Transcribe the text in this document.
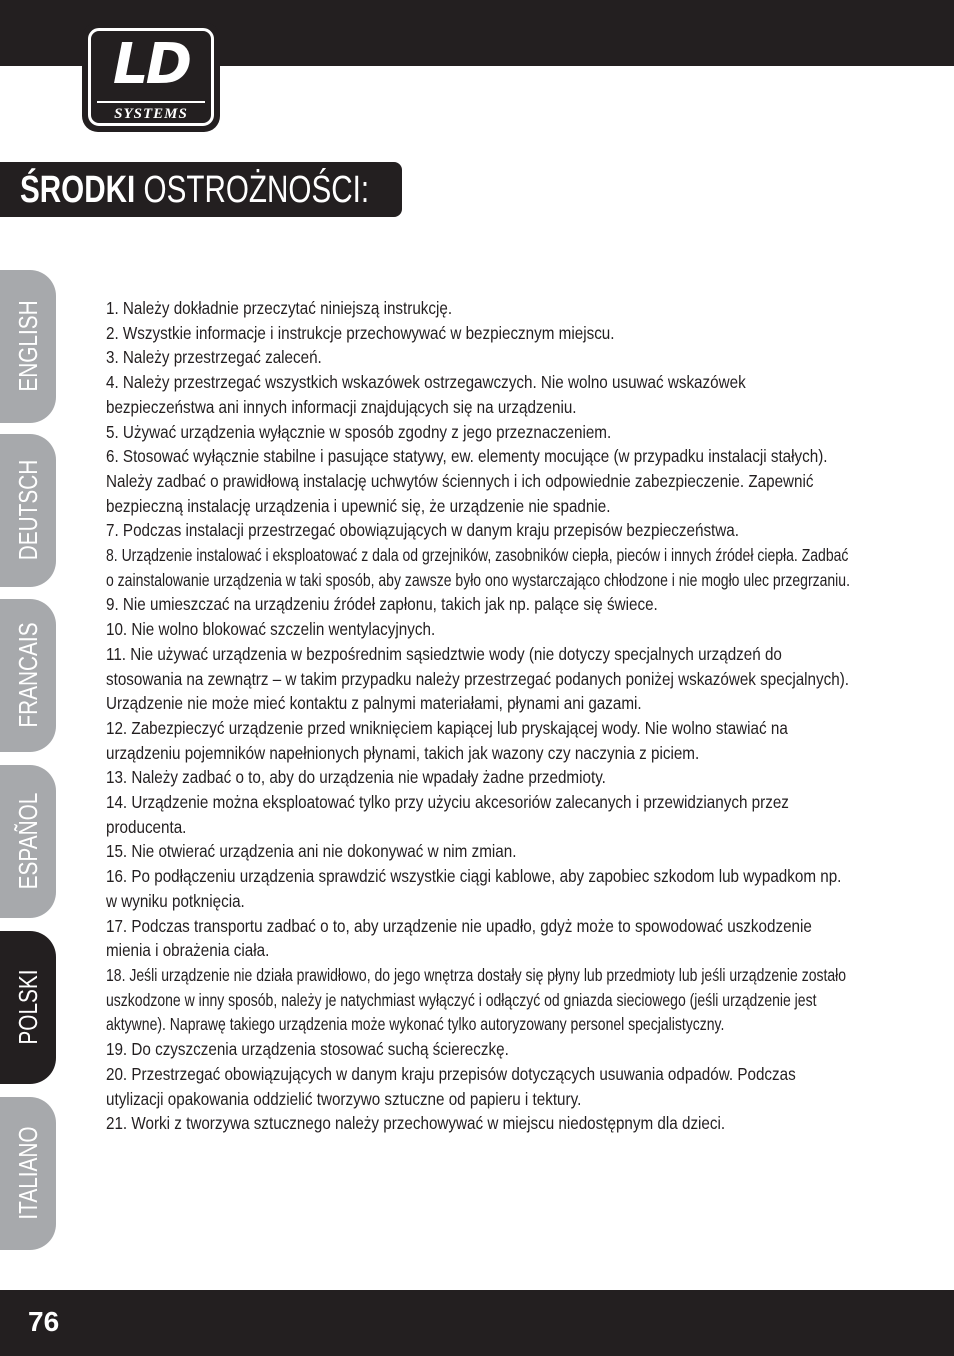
LD
SYSTEMS
ŚRODKI OSTROŻNOŚCI:
ENGLISH
DEUTSCH
FRANCAIS
ESPAÑOL
POLSKI
ITALIANO

1. Należy dokładnie przeczytać niniejszą instrukcję.

2. Wszystkie informacje i instrukcje przechowywać w bezpiecznym miejscu.

3. Należy przestrzegać zaleceń.

4. Należy przestrzegać wszystkich wskazówek ostrzegawczych. Nie wolno usuwać wskazówek bezpieczeństwa ani innych informacji znajdujących się na urządzeniu.

5. Używać urządzenia wyłącznie w sposób zgodny z jego przeznaczeniem.

6. Stosować wyłącznie stabilne i pasujące statywy, ew. elementy mocujące (w przypadku instalacji stałych). Należy zadbać o prawidłową instalację uchwytów ściennych i ich odpowiednie zabezpieczenie. Zapewnić bezpieczną instalację urządzenia i upewnić się, że urządzenie nie spadnie.

7. Podczas instalacji przestrzegać obowiązujących w danym kraju przepisów bezpieczeństwa.

8. Urządzenie instalować i eksploatować z dala od grzejników, zasobników ciepła, pieców i innych źródeł ciepła. Zadbać o zainstalowanie urządzenia w taki sposób, aby zawsze było ono wystarczająco chłodzone i nie mogło ulec przegrzaniu.

9. Nie umieszczać na urządzeniu źródeł zapłonu, takich jak np. palące się świece.

10. Nie wolno blokować szczelin wentylacyjnych.

11. Nie używać urządzenia w bezpośrednim sąsiedztwie wody (nie dotyczy specjalnych urządzeń do stosowania na zewnątrz – w takim przypadku należy przestrzegać podanych poniżej wskazówek specjalnych). Urządzenie nie może mieć kontaktu z palnymi materiałami, płynami ani gazami.

12. Zabezpieczyć urządzenie przed wniknięciem kapiącej lub pryskającej wody. Nie wolno stawiać na urządzeniu pojemników napełnionych płynami, takich jak wazony czy naczynia z piciem.

13. Należy zadbać o to, aby do urządzenia nie wpadały żadne przedmioty.

14. Urządzenie można eksploatować tylko przy użyciu akcesoriów zalecanych i przewidzianych przez producenta.

15. Nie otwierać urządzenia ani nie dokonywać w nim zmian.

16. Po podłączeniu urządzenia sprawdzić wszystkie ciągi kablowe, aby zapobiec szkodom lub wypadkom np. w wyniku potknięcia.

17. Podczas transportu zadbać o to, aby urządzenie nie upadło, gdyż może to spowodować uszkodzenie mienia i obrażenia ciała.

18. Jeśli urządzenie nie działa prawidłowo, do jego wnętrza dostały się płyny lub przedmioty lub jeśli urządzenie zostało uszkodzone w inny sposób, należy je natychmiast wyłączyć i odłączyć od gniazda sieciowego (jeśli urządzenie jest aktywne). Naprawę takiego urządzenia może wykonać tylko autoryzowany personel specjalistyczny.

19. Do czyszczenia urządzenia stosować suchą ściereczkę.

20. Przestrzegać obowiązujących w danym kraju przepisów dotyczących usuwania odpadów. Podczas utylizacji opakowania oddzielić tworzywo sztuczne od papieru i tektury.

21. Worki z tworzywa sztucznego należy przechowywać w miejscu niedostępnym dla dzieci.

76
